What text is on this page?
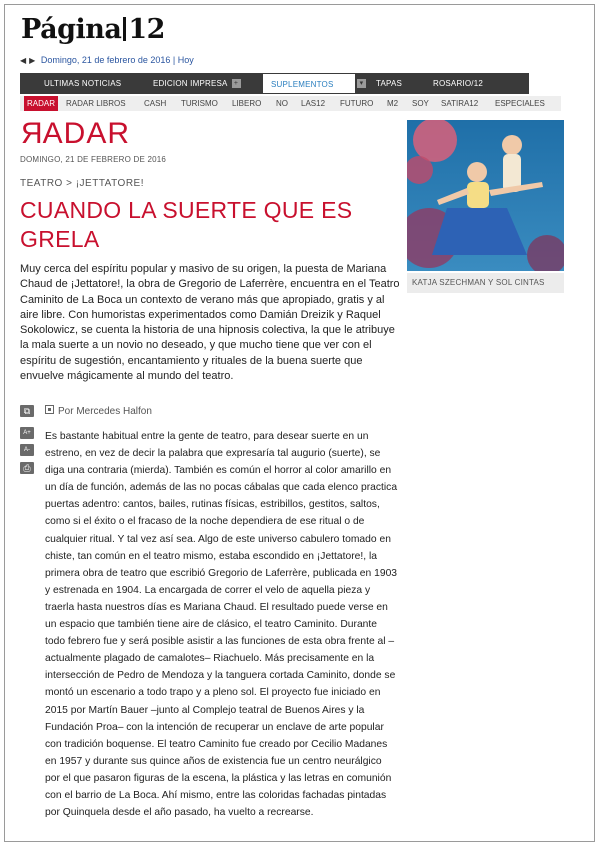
Página 12
◀ ▶ Domingo, 21 de febrero de 2016 | Hoy
ULTIMAS NOTICIAS	EDICION IMPRESA +	SUPLEMENTOS	▾	TAPAS	ROSARIO/12
RADAR	RADAR LIBROS CASH TURISMO LIBERO NO LAS12 FUTURO M2 SOY SATIRA12 ESPECIALES
RADAR
DOMINGO, 21 DE FEBRERO DE 2016
TEATRO > ¡JETTATORE!
CUANDO LA SUERTE QUE ES GRELA
Muy cerca del espíritu popular y masivo de su origen, la puesta de Mariana Chaud de ¡Jettatore!, la obra de Gregorio de Laferrère, encuentra en el Teatro Caminito de La Boca un contexto de verano más que apropiado, gratis y al aire libre. Con humoristas experimentados como Damián Dreizik y Raquel Sokolowicz, se cuenta la historia de una hipnosis colectiva, la que le atribuye la mala suerte a un novio no deseado, y que mucho tiene que ver con el espíritu de sugestión, encantamiento y rituales de la buena suerte que envuelve mágicamente al mundo del teatro.
⧉
A+
A-
⎙
Por Mercedes Halfon
Es bastante habitual entre la gente de teatro, para desear suerte en un estreno, en vez de decir la palabra que expresaría tal augurio (suerte), se diga una contraria (mierda). También es común el horror al color amarillo en un día de función, además de las no pocas cábalas que cada elenco practica puertas adentro: cantos, bailes, rutinas físicas, estribillos, gestitos, saltos, como si el éxito o el fracaso de la noche dependiera de ese ritual o de cualquier ritual. Y tal vez así sea. Algo de este universo cabulero tomado en chiste, tan común en el teatro mismo, estaba escondido en ¡Jettatore!, la primera obra de teatro que escribió Gregorio de Laferrère, publicada en 1903 y estrenada en 1904. La encargada de correr el velo de aquella pieza y traerla hasta nuestros días es Mariana Chaud. El resultado puede verse en un espacio que también tiene aire de clásico, el teatro Caminito. Durante todo febrero fue y será posible asistir a las funciones de esta obra frente al –actualmente plagado de camalotes– Riachuelo. Más precisamente en la intersección de Pedro de Mendoza y la tanguera cortada Caminito, donde se montó un escenario a todo trapo y a pleno sol. El proyecto fue iniciado en 2015 por Martín Bauer –junto al Complejo teatral de Buenos Aires y la Fundación Proa– con la intención de recuperar un enclave de arte popular con tradición boquense. El teatro Caminito fue creado por Cecilio Madanes en 1957 y durante sus quince años de existencia fue un centro neurálgico por el que pasaron figuras de la escena, la plástica y las letras en comunión con el barrio de La Boca. Ahí mismo, entre las coloridas fachadas pintadas por Quinquela desde el año pasado, ha vuelto a recrearse.
KATJA SZECHMAN Y SOL CINTAS
